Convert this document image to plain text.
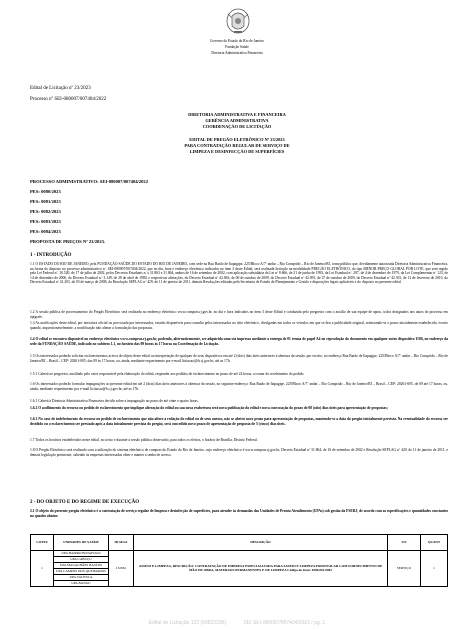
Governo do Estado do Rio de Janeiro
Fundação Saúde
Diretoria Administrativa Financeira
Edital de Licitação nº 23/2023
Processo nº SEI-080007/007404/2022
DIRETORIA ADMINISTRATIVA E FINANCEIRA
GERÊNCIA ADMINISTRATIVA
COORDENAÇÃO DE LICITAÇÃO
EDITAL DE PREGÃO ELETRÔNICO Nº 23/2023
PARA CONTRATAÇÃO REGULAR DE SERVIÇO DE
LIMPEZA E DESINFECÇÃO DE SUPERFÍCIES
PROCESSO ADMINISTRATIVO: SEI-080007/007404/2022
PES: 0080/2023
PES: 0081/2023
PES: 0082/2023
PES: 0083/2023
PES: 0084/2023
PROPOSTA DE PREÇOS Nº 23/2023.
1 - INTRODUÇÃO
1.1 O ESTADO DO RIO DE JANEIRO, pela FUNDAÇÃO SAÚDE DO ESTADO DO RIO DE JANEIRO, com sede na Rua Barão de Itapagipe, 225/Bloco A/7º andar – Rio Comprido – Rio de Janeiro/RJ, torna público que, devidamente autorizada Diretoria Administrativa Financeira, na forma do disposto no processo administrativo nº. SEI-080007/007404/2022, que no dia, hora e endereço eletrônico indicados no item 3 deste Edital, será realizada licitação na modalidade PREGÃO ELETRÔNICO, do tipo MENOR PREÇO GLOBAL POR LOTE, que será regido pela Lei Federal nº. 10.520, de 17 de julho de 2002, pelos Decretos Estaduais n.ºs 31.863 e 31.864, ambos de 16 de setembro de 2002, com aplicação subsidiária da Lei nº 8.666, de 21 de junho de 1993, da Lei Estadual nº. 287, de 4 de dezembro de 1979, da Lei Complementar nº 123, de 14 de dezembro de 2006, do Decreto Estadual n.º 3.149, de 28 de abril de 1980, e respectivas alterações, do Decreto Estadual nº 42.063, de 06 de outubro de 2009, do Decreto Estadual nº 42.091, de 27 de outubro de 2009, do Decreto Estadual nº 42.301, de 12 de fevereiro de 2010, do Decreto Estadual nº 41.203, de 03 de março de 2008, da Resolução SEPLAG nº 429, de 11 de janeiro de 2011, demais Resoluções editadas pela Secretaria de Estado de Planejamento e Gestão e disposições legais aplicáveis e do disposto no presente edital.
1.2 A sessão pública de processamento do Pregão Eletrônico será realizada no endereço eletrônico www.compras.rj.gov.br, no dia e hora indicados no item 3 deste Edital e conduzida pelo pregoeiro com o auxílio de sua equipe de apoio, todos designados nos autos do processo em epígrafe.
1.3 As notificações deste edital, por iniciativa oficial ou provocada por interessados, estarão disponíveis para consulta pelos interessados no sítio eletrônico, divulgadas em todos os veículos em que se deu a publicidade original, reiniciando-se o prazo inicialmente estabelecido, exceto quando, inquestionavelmente, a modificação não alterar a formulação das propostas.
1.4 O edital se encontra disponível no endereço eletrônico www.compras.rj.gov.br, podendo, alternativamente, ser adquirida uma via impressa mediante a entrega de 01 resma de papel A4 ou reprodução do documento em qualquer outro dispositivo USB, no endereço da sede da FUNDAÇÃO SAÚDE, indicado no subitem 1.1, no horário das 09 horas às 17 horas na Coordenação de Licitação.
1.5 Os interessados poderão solicitar esclarecimentos acerca do objeto deste edital ou interpretação de qualquer de seus dispositivos em até 2 (dois) dias úteis anteriores à abertura da sessão, por escrito, no endereço Rua Barão de Itapagipe, 225/Bloco A/7º andar – Rio Comprido – Rio de Janeiro/RJ – Brasil – CEP: 20261-005, das 09 às 17 horas, ou, ainda, mediante requerimento por e-mail licitacao@fs.rj.gov.br, até as 17h.
1.5.1 Caberá ao pregoeiro, auxiliado pelo setor responsável pela elaboração do edital, responder aos pedidos de esclarecimento no prazo de até 24 horas, a contar do recebimento do pedido.
1.6 Os interessados poderão formular impugnações ao presente edital em até 2 (dois) dias úteis anteriores à abertura da sessão, no seguinte endereço: Rua Barão de Itapagipe, 225/Bloco A/7º andar – Rio Comprido – Rio de Janeiro/RJ – Brasil – CEP: 20261-005, de 09 até 17 horas, ou, ainda, mediante requerimento por e-mail licitacao@fs.rj.gov.br, até as 17h.
1.6.1 Caberá à Diretoria Administrativa Financeira decidir sobre a impugnação no prazo de até vinte e quatro horas.
1.6.2 O acolhimento do recurso ou pedido de esclarecimento que implique alteração do edital ou sua nova reabertura será nova publicação do edital e nova convocação do prazo de 08 (oito) dias úteis para apresentação de propostas;
1.6.3 No caso de indeferimento do recurso ou pedido de esclarecimento que não altere a redação do edital ou de seus anexos, não se abrirá novo prazo para apresentação de propostas, mantendo-se a data do pregão inicialmente prevista. Na eventualidade do recurso ser decidido ou o esclarecimento ser prestado após a data inicialmente prevista do pregão, será concedido novo prazo de apresentação de proposta de 5 (cinco) dias úteis.
1.7 Todos os horários estabelecidos neste edital, no aviso e durante a sessão pública observarão, para todos os efeitos, o horário de Brasília, Distrito Federal.
1.8 O Pregão Eletrônico será realizado com a utilização do sistema eletrônico de compras do Estado do Rio de Janeiro, cujo endereço eletrônico é www.compras.rj.gov.br, Decreto Estadual nº 31.864, de 16 de setembro de 2002 e Resolução SEPLAG nº 429, de 11 de janeiro de 2011, e demais legislação pertinente, cabendo às empresas interessadas obter e manter a senha de acesso.
2 - DO OBJETO E DO REGIME DE EXECUÇÃO
2.1 O objeto do presente pregão eletrônico é a contratação de serviço regular de limpeza e desinfecção de superfícies, para atender às demandas das Unidades de Pronto Atendimento (UPAs) sob gestão da FSERJ, de acordo com as especificações e quantidades constantes no quadro abaixo:
LOTES	UNIDADES DE SAÚDE	ID SIGA	DESCRIÇÃO	UN	QUANT
1	UPA BAIRRO BOTAFOGO	132961	ASSEIO E LIMPEZA, DESCRIÇÃO: CONTRATAÇÃO DE EMPRESA ESPECIALIZADA PARA ASSEIO E LIMPEZA HOSPITALAR COM FORNECIMENTO DE MÃO DE OBRA, MATERIAIS PERMANENTES E DE LIMPEZA Código do Item: 0286.001.0002	SERVIÇO	1
	UPA CABUÇU				
	UPA MAGALHÃES BASTOS				
	UPA CAMPOS DOS QUEIMADOS				
	UPA VALENCA				
	UPA BANGU				
Edital de Licitação 122 (50822236)	SEI SEI-080007/007404/2022 / pg. 1
